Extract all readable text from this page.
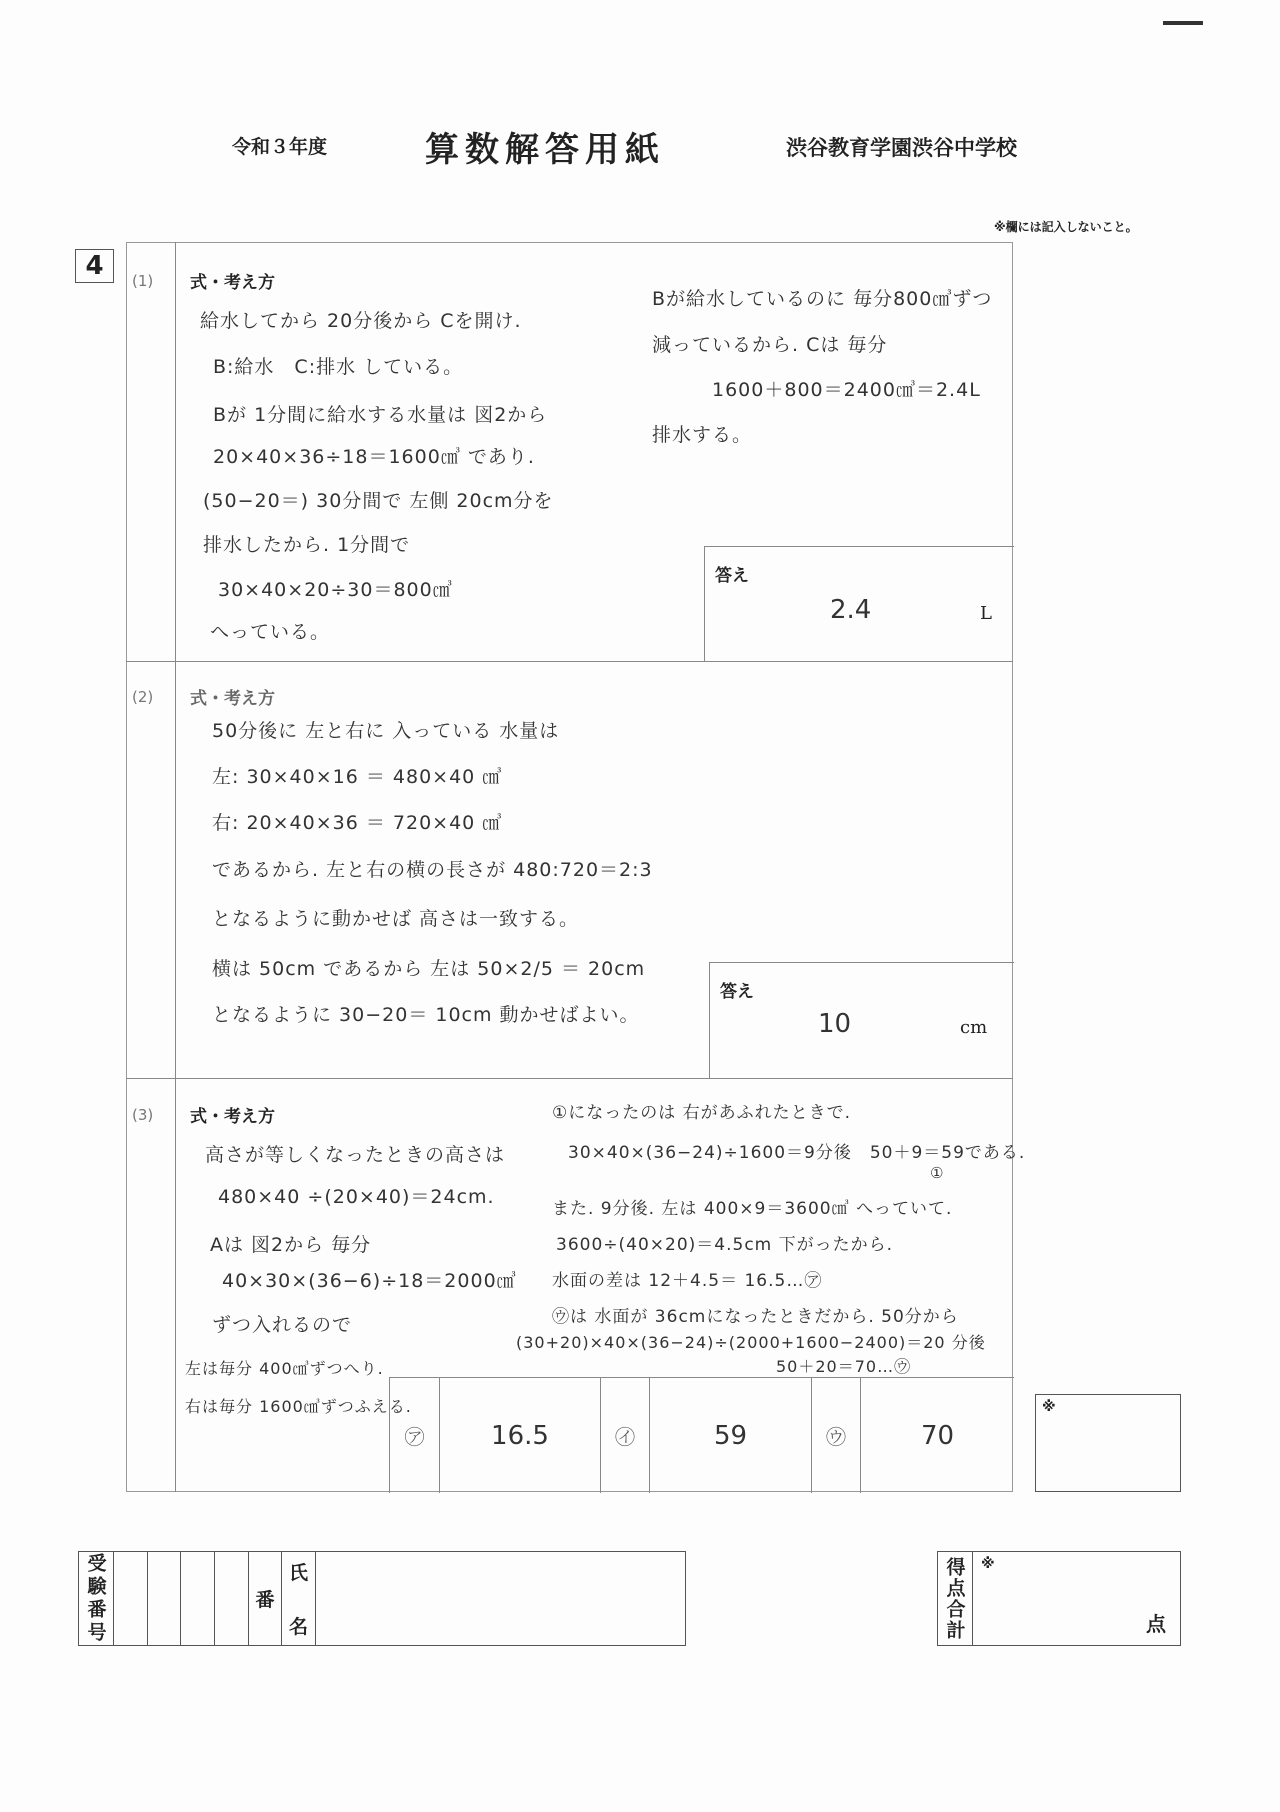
令和３年度	算数解答用紙	渋谷教育学園渋谷中学校
※欄には記入しないこと。
4	(1) 式・考え方
給水してから 20分後から Cを開け.
B:給水　C:排水 している。
Bが 1分間に給水する水量は 図2から
20×40×36÷18＝1600㎤ であり.
(50−20＝) 30分間で 左側 20cm分を
排水したから. 1分間で
30×40×20÷30＝800㎤
へっている。
Bが給水しているのに 毎分800㎤ずつ
減っているから. Cは 毎分
1600＋800＝2400㎤＝2.4L
排水する。
答え
2.4	L
(2) 式・考え方
50分後に 左と右に 入っている 水量は
左: 30×40×16 ＝ 480×40 ㎤
右: 20×40×36 ＝ 720×40 ㎤
であるから. 左と右の横の長さが 480:720＝2:3
となるように動かせば 高さは一致する。
横は 50cm であるから 左は 50×2/5 ＝ 20cm
となるように 30−20＝ 10cm 動かせばよい。
答え
10	cm
(3) 式・考え方
高さが等しくなったときの高さは
480×40 ÷(20×40)＝24cm.
Aは 図2から 毎分
40×30×(36−6)÷18＝2000㎤
ずつ入れるので
左は毎分 400㎤ずつへり.
右は毎分 1600㎤ずつふえる.
①になったのは 右があふれたときで.
30×40×(36−24)÷1600＝9分後　50＋9＝59である.
①
また. 9分後. 左は 400×9＝3600㎤ へっていて.
3600÷(40×20)＝4.5cm 下がったから.
水面の差は 12＋4.5＝ 16.5…㋐
㋒は 水面が 36cmになったときだから. 50分から
(30+20)×40×(36−24)÷(2000+1600−2400)＝20 分後
50＋20＝70…㋒
㋐	16.5	㋑	59	㋒	70
※
受験番号	番
氏
名	得点合計	※
点
